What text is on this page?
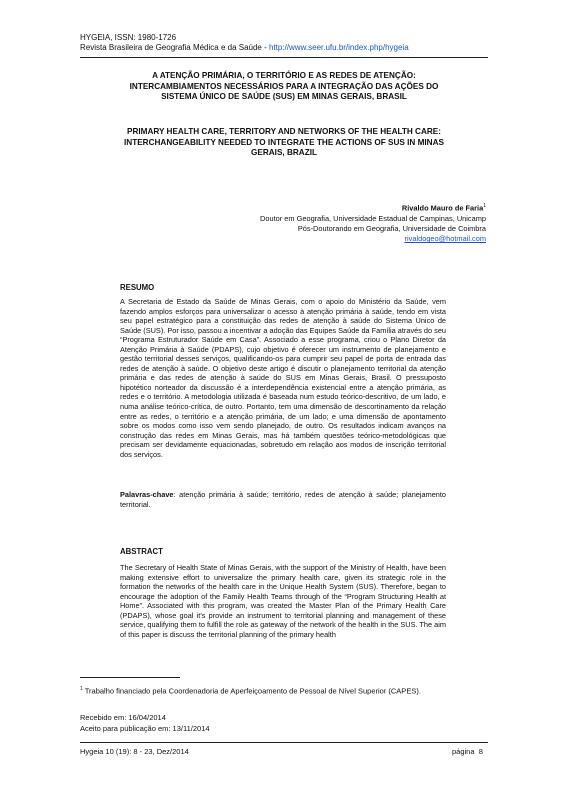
HYGEIA, ISSN: 1980-1726
Revista Brasileira de Geografia Médica e da Saúde - http://www.seer.ufu.br/index.php/hygeia
A ATENÇÃO PRIMÁRIA, O TERRITÓRIO E AS REDES DE ATENÇÃO:
INTERCAMBIAMENTOS NECESSÁRIOS PARA A INTEGRAÇÃO DAS AÇÕES DO
SISTEMA ÚNICO DE SAÚDE (SUS) EM MINAS GERAIS, BRASIL
PRIMARY HEALTH CARE, TERRITORY AND NETWORKS OF THE HEALTH CARE:
INTERCHANGEABILITY NEEDED TO INTEGRATE THE ACTIONS OF SUS IN MINAS
GERAIS, BRAZIL
Rivaldo Mauro de Faria$^1$
Doutor em Geografia, Universidade Estadual de Campinas, Unicamp
Pós-Doutorando em Geografia, Universidade de Coimbra
rivaldogeo@hotmail.com
RESUMO

A Secretaria de Estado da Saúde de Minas Gerais, com o apoio do Ministério da Saúde, vem fazendo amplos esforços para universalizar o acesso à atenção primária à saúde, tendo em vista seu papel estratégico para a constituição das redes de atenção à saúde do Sistema Único de Saúde (SUS). Por isso, passou a incentivar a adoção das Equipes Saúde da Família através do seu “Programa Estruturador Saúde em Casa”. Associado a esse programa, criou o Plano Diretor da Atenção Primária à Saúde (PDAPS), cujo objetivo é oferecer um instrumento de planejamento e gestão territorial desses serviços, qualificando-os para cumprir seu papel de porta de entrada das redes de atenção à saúde. O objetivo deste artigo é discutir o planejamento territorial da atenção primária e das redes de atenção à saúde do SUS em Minas Gerais, Brasil. O pressuposto hipotético norteador da discussão é a interdependência existencial entre a atenção primária, as redes e o território. A metodologia utilizada é baseada num estudo teórico-descritivo, de um lado, e numa análise teórico-crítica, de outro. Portanto, tem uma dimensão de descortinamento da relação entre as redes, o território e a atenção primária, de um lado; e uma dimensão de apontamento sobre os modos como isso vem sendo planejado, de outro. Os resultados indicam avanços na construção das redes em Minas Gerais, mas há também questões teórico-metodológicas que precisam ser devidamente equacionadas, sobretudo em relação aos modos de inscrição territorial dos serviços.

Palavras-chave: atenção primária à saúde; território, redes de atenção à saúde; planejamento territorial.

ABSTRACT

The Secretary of Health State of Minas Gerais, with the support of the Ministry of Health, have been making extensive effort to universalize the primary health care, given its strategic role in the formation the networks of the health care in the Unique Health System (SUS). Therefore, began to encourage the adoption of the Family Health Teams through of the “Program Structuring Health at Home”. Associated with this program, was created the Master Plan of the Primary Health Care (PDAPS), whose goal it's provide an instrument to territorial planning and management of these service, qualifying them to fulfill the role as gateway of the network of the health in the SUS. The aim of this paper is discuss the territorial planning of the primary health

$^1$ Trabalho financiado pela Coordenadoria de Aperfeiçoamento de Pessoal de Nível Superior (CAPES).
Recebido em: 16/04/2014
Aceito para publicação em: 13/11/2014
Hygeia 10 (19): 8 - 23, Dez/2014	página  8
